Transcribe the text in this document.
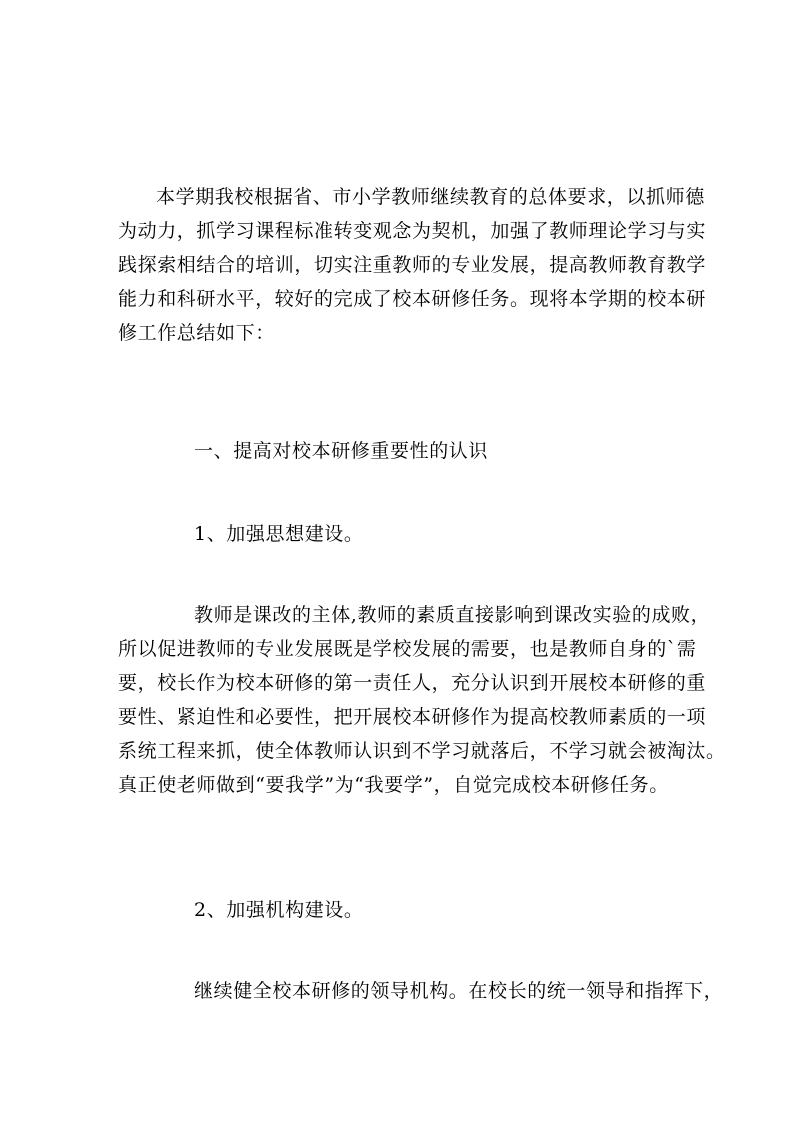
本学期我校根据省、市小学教师继续教育的总体要求，以抓师德
为动力，抓学习课程标准转变观念为契机，加强了教师理论学习与实
践探索相结合的培训，切实注重教师的专业发展，提高教师教育教学
能力和科研水平，较好的完成了校本研修任务。现将本学期的校本研
修工作总结如下：

一、提高对校本研修重要性的认识

1、加强思想建设。

教师是课改的主体,教师的素质直接影响到课改实验的成败，
所以促进教师的专业发展既是学校发展的需要，也是教师自身的`需
要，校长作为校本研修的第一责任人，充分认识到开展校本研修的重
要性、紧迫性和必要性，把开展校本研修作为提高校教师素质的一项
系统工程来抓，使全体教师认识到不学习就落后，不学习就会被淘汰。
真正使老师做到“要我学”为“我要学”，自觉完成校本研修任务。

2、加强机构建设。

继续健全校本研修的领导机构。在校长的统一领导和指挥下，
